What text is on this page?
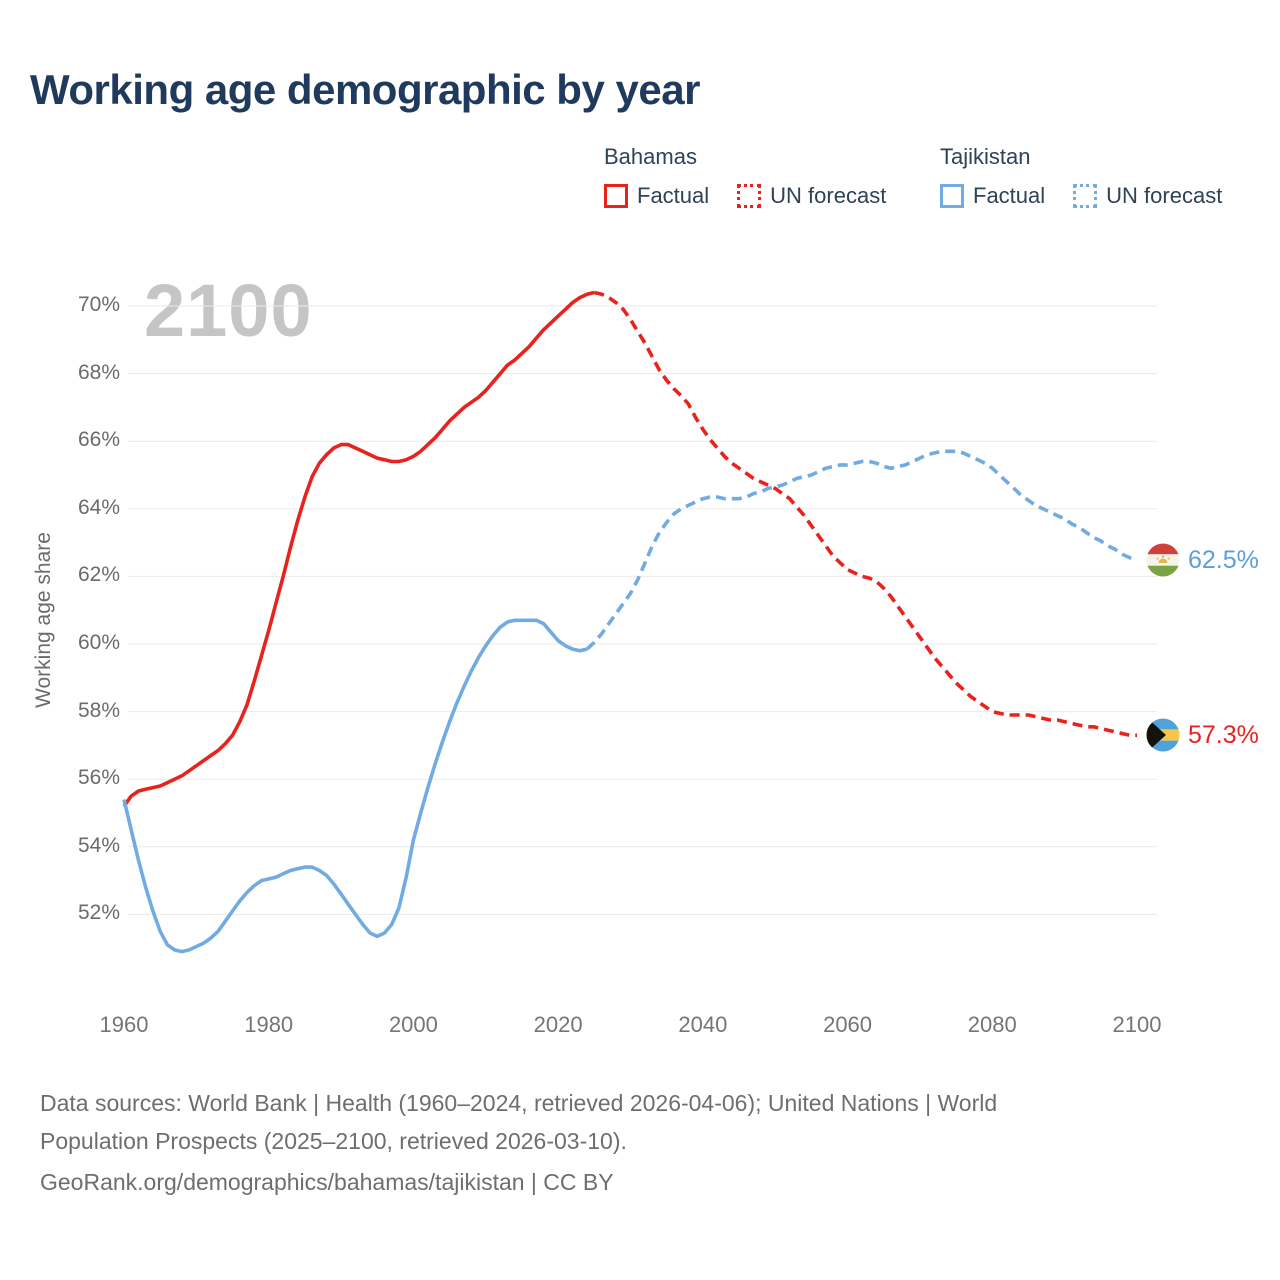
2100
70%
68%
66%
64%
62%
60%
58%
56%
54%
52%
1960	1980	2000	2020	2040	2060	2080	2100
Working age demographic by year
Bahamas
Factual	UN forecast
Tajikistan
Factual	UN forecast
Working age share	62.5%
57.3%
Data sources: World Bank | Health (1960–2024, retrieved 2026-04-06); United Nations | World
Population Prospects (2025–2100, retrieved 2026-03-10).
GeoRank.org/demographics/bahamas/tajikistan | CC BY
